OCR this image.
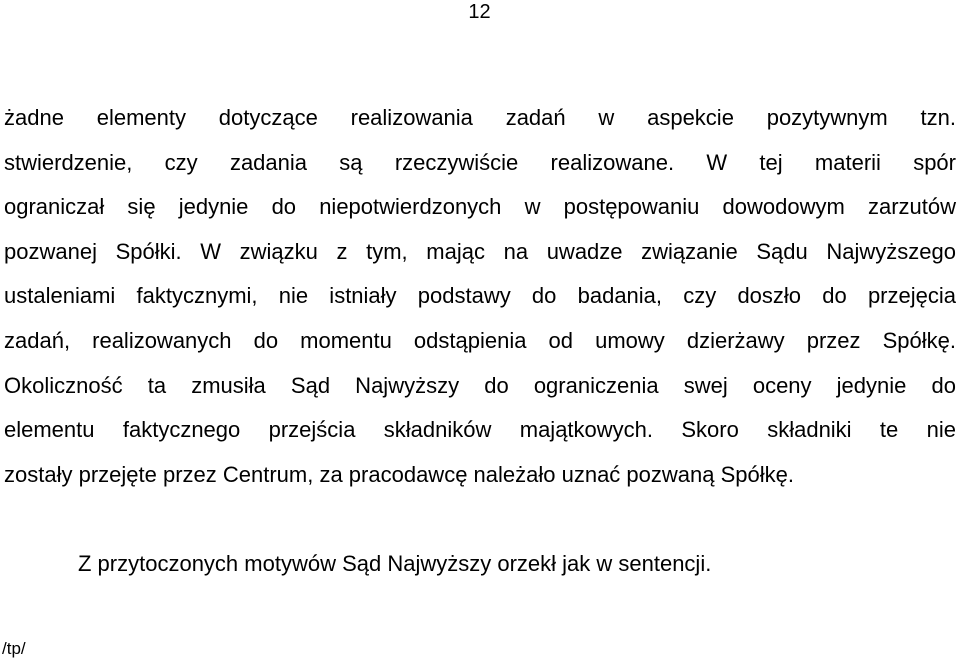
12
żadne elementy dotyczące realizowania zadań w aspekcie pozytywnym tzn.
stwierdzenie, czy zadania są rzeczywiście realizowane. W tej materii spór
ograniczał się jedynie do niepotwierdzonych w postępowaniu dowodowym zarzutów
pozwanej Spółki. W związku z tym, mając na uwadze związanie Sądu Najwyższego
ustaleniami faktycznymi, nie istniały podstawy do badania, czy doszło do przejęcia
zadań, realizowanych do momentu odstąpienia od umowy dzierżawy przez Spółkę.
Okoliczność ta zmusiła Sąd Najwyższy do ograniczenia swej oceny jedynie do
elementu faktycznego przejścia składników majątkowych. Skoro składniki te nie
zostały przejęte przez Centrum, za pracodawcę należało uznać pozwaną Spółkę.
Z przytoczonych motywów Sąd Najwyższy orzekł jak w sentencji.
/tp/
